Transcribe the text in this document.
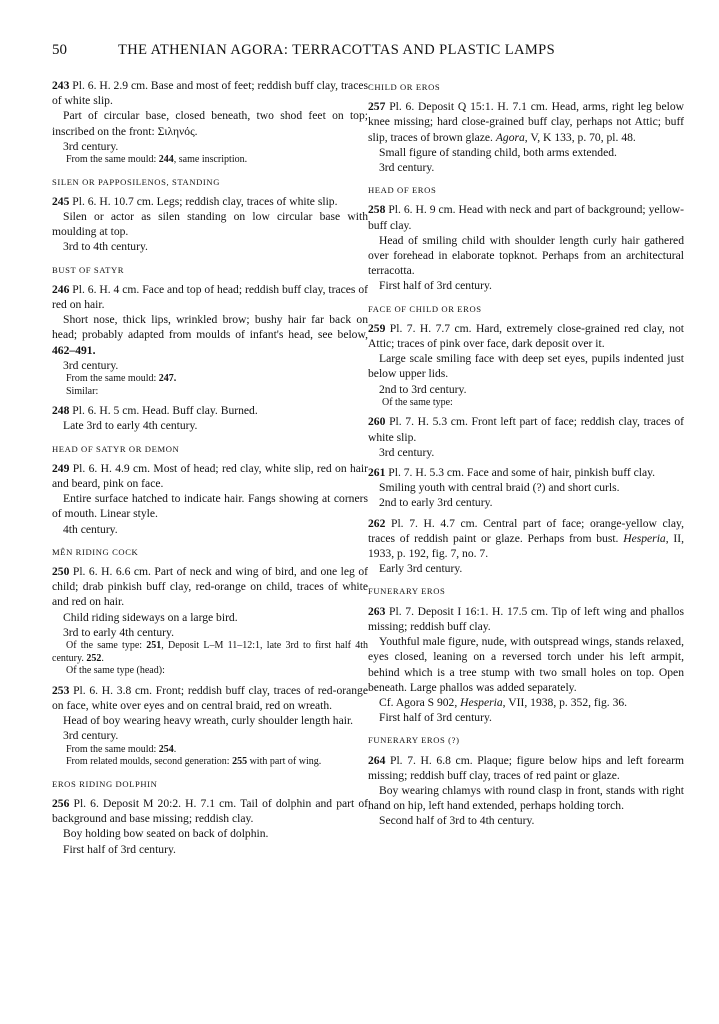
50	THE ATHENIAN AGORA: TERRACOTTAS AND PLASTIC LAMPS

243 Pl. 6. H. 2.9 cm. Base and most of feet; reddish buff clay, traces of white slip.

Part of circular base, closed beneath, two shod feet on top; inscribed on the front: Σιληνός.

3rd century.

From the same mould: 244, same inscription.

SILEN OR PAPPOSILENOS, STANDING

245 Pl. 6. H. 10.7 cm. Legs; reddish clay, traces of white slip.

Silen or actor as silen standing on low circular base with moulding at top.

3rd to 4th century.

BUST OF SATYR

246 Pl. 6. H. 4 cm. Face and top of head; reddish buff clay, traces of red on hair.

Short nose, thick lips, wrinkled brow; bushy hair far back on head; probably adapted from moulds of infant's head, see below, 462–491.

3rd century.

From the same mould: 247.

Similar:

248 Pl. 6. H. 5 cm. Head. Buff clay. Burned.

Late 3rd to early 4th century.

HEAD OF SATYR OR DEMON

249 Pl. 6. H. 4.9 cm. Most of head; red clay, white slip, red on hair and beard, pink on face.

Entire surface hatched to indicate hair. Fangs showing at corners of mouth. Linear style.

4th century.

MÊN RIDING COCK

250 Pl. 6. H. 6.6 cm. Part of neck and wing of bird, and one leg of child; drab pinkish buff clay, red-orange on child, traces of white and red on hair.

Child riding sideways on a large bird.

3rd to early 4th century.

Of the same type: 251, Deposit L–M 11–12:1, late 3rd to first half 4th century. 252.

Of the same type (head):

253 Pl. 6. H. 3.8 cm. Front; reddish buff clay, traces of red-orange on face, white over eyes and on central braid, red on wreath.

Head of boy wearing heavy wreath, curly shoulder length hair.

3rd century.

From the same mould: 254.

From related moulds, second generation: 255 with part of wing.

EROS RIDING DOLPHIN

256 Pl. 6. Deposit M 20:2. H. 7.1 cm. Tail of dolphin and part of background and base missing; reddish clay.

Boy holding bow seated on back of dolphin.

First half of 3rd century.

CHILD OR EROS

257 Pl. 6. Deposit Q 15:1. H. 7.1 cm. Head, arms, right leg below knee missing; hard close-grained buff clay, perhaps not Attic; buff slip, traces of brown glaze. Agora, V, K 133, p. 70, pl. 48.

Small figure of standing child, both arms extended.

3rd century.

HEAD OF EROS

258 Pl. 6. H. 9 cm. Head with neck and part of background; yellow-buff clay.

Head of smiling child with shoulder length curly hair gathered over forehead in elaborate topknot. Perhaps from an architectural terracotta.

First half of 3rd century.

FACE OF CHILD OR EROS

259 Pl. 7. H. 7.7 cm. Hard, extremely close-grained red clay, not Attic; traces of pink over face, dark deposit over it.

Large scale smiling face with deep set eyes, pupils indented just below upper lids.

2nd to 3rd century.

Of the same type:

260 Pl. 7. H. 5.3 cm. Front left part of face; reddish clay, traces of white slip.

3rd century.

261 Pl. 7. H. 5.3 cm. Face and some of hair, pinkish buff clay.

Smiling youth with central braid (?) and short curls.

2nd to early 3rd century.

262 Pl. 7. H. 4.7 cm. Central part of face; orange-yellow clay, traces of reddish paint or glaze. Perhaps from bust. Hesperia, II, 1933, p. 192, fig. 7, no. 7.

Early 3rd century.

FUNERARY EROS

263 Pl. 7. Deposit I 16:1. H. 17.5 cm. Tip of left wing and phallos missing; reddish buff clay.

Youthful male figure, nude, with outspread wings, stands relaxed, eyes closed, leaning on a reversed torch under his left armpit, behind which is a tree stump with two small holes on top. Open beneath. Large phallos was added separately.

Cf. Agora S 902, Hesperia, VII, 1938, p. 352, fig. 36.

First half of 3rd century.

FUNERARY EROS (?)

264 Pl. 7. H. 6.8 cm. Plaque; figure below hips and left forearm missing; reddish buff clay, traces of red paint or glaze.

Boy wearing chlamys with round clasp in front, stands with right hand on hip, left hand extended, perhaps holding torch.

Second half of 3rd to 4th century.
